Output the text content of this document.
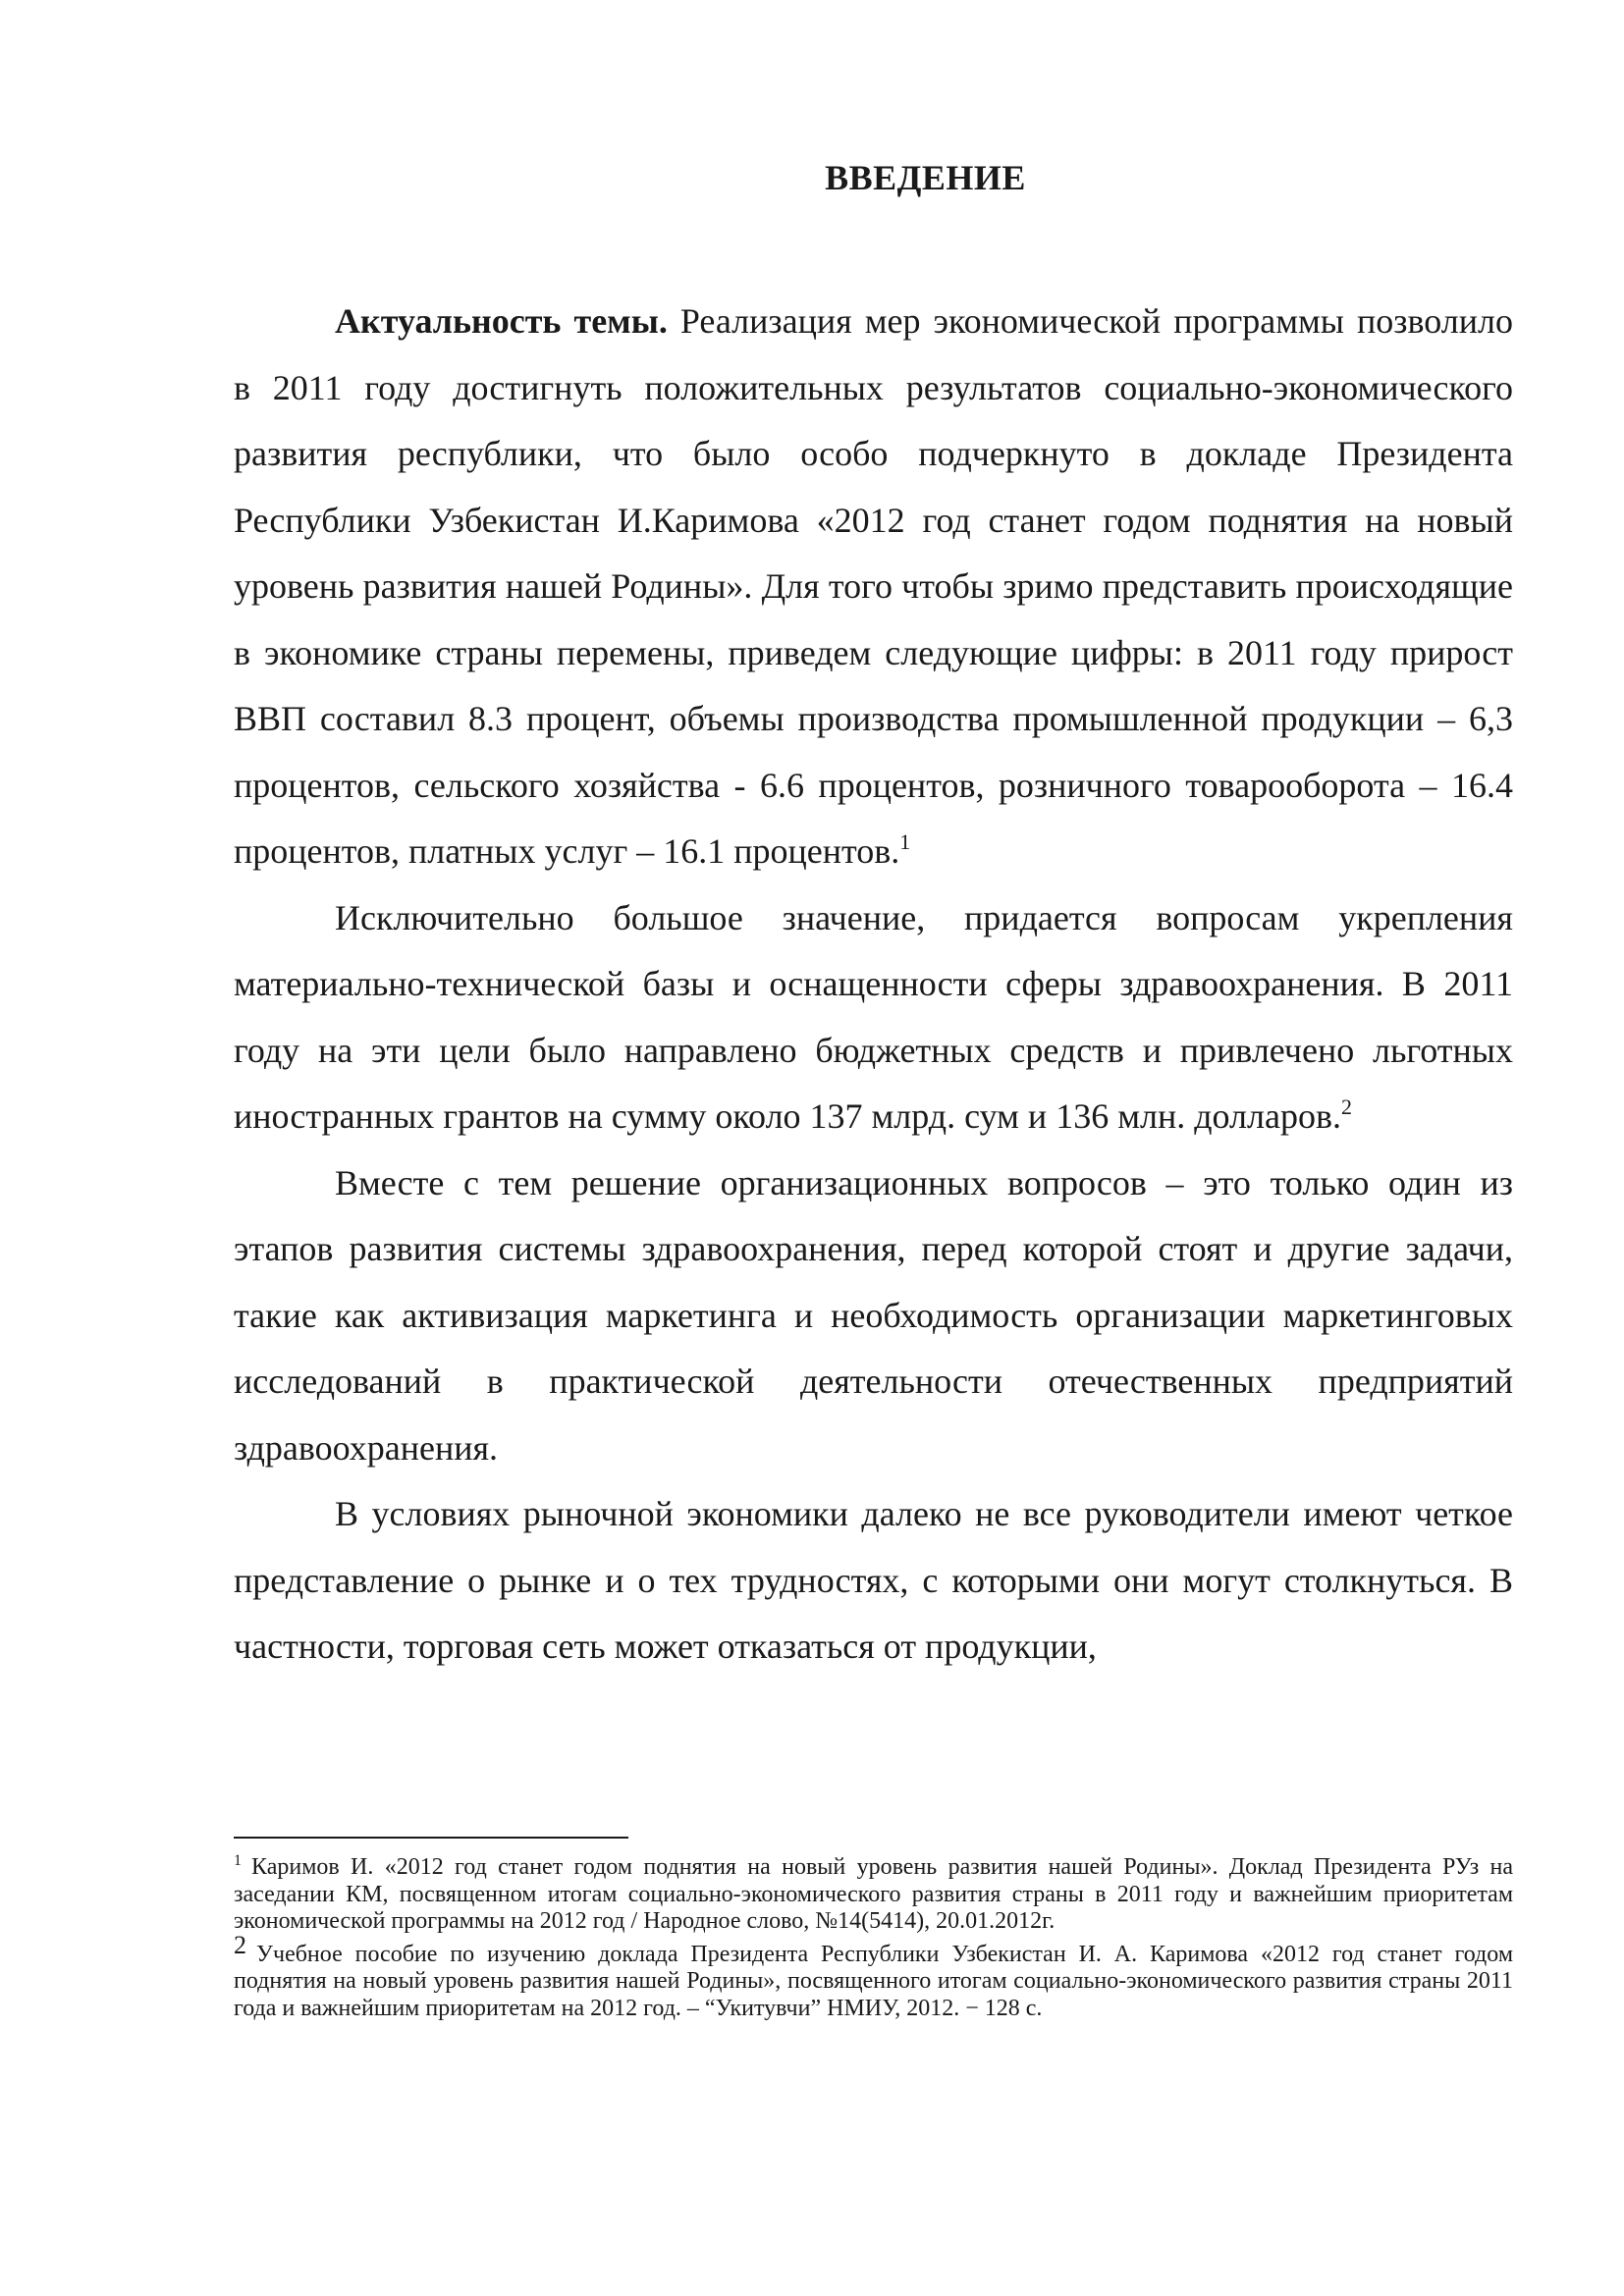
ВВЕДЕНИЕ

Актуальность темы. Реализация мер экономической программы позволило в 2011 году достигнуть положительных результатов социально-экономического развития республики, что было особо подчеркнуто в докладе Президента Республики Узбекистан И.Каримова «2012 год станет годом поднятия на новый уровень развития нашей Родины». Для того чтобы зримо представить происходящие в экономике страны перемены, приведем следующие цифры: в 2011 году прирост ВВП составил 8.3 процент, объемы производства промышленной продукции – 6,3 процентов, сельского хозяйства - 6.6 процентов, розничного товарооборота – 16.4 процентов, платных услуг – 16.1 процентов.$^1$

Исключительно большое значение, придается вопросам укрепления материально-технической базы и оснащенности сферы здравоохранения. В 2011 году на эти цели было направлено бюджетных средств и привлечено льготных иностранных грантов на сумму около 137 млрд. сум и 136 млн. долларов.$^2$

Вместе с тем решение организационных вопросов – это только один из этапов развития системы здравоохранения, перед которой стоят и другие задачи, такие как активизация маркетинга и необходимость организации маркетинговых исследований в практической деятельности отечественных предприятий здравоохранения.

В условиях рыночной экономики далеко не все руководители имеют четкое представление о рынке и о тех трудностях, с которыми они могут столкнуться. В частности, торговая сеть может отказаться от продукции,

$^1$ Каримов И. «2012 год станет годом поднятия на новый уровень развития нашей Родины». Доклад Президента РУз на заседании КМ, посвященном итогам социально-экономического развития страны в 2011 году и важнейшим приоритетам экономической программы на 2012 год / Народное слово, №14(5414), 20.01.2012г.

2 Учебное пособие по изучению доклада Президента Республики Узбекистан И. А. Каримова «2012 год станет годом поднятия на новый уровень развития нашей Родины», посвященного итогам социально-экономического развития страны 2011 года и важнейшим приоритетам на 2012 год. – “Укитувчи” НМИУ, 2012. − 128 с.
